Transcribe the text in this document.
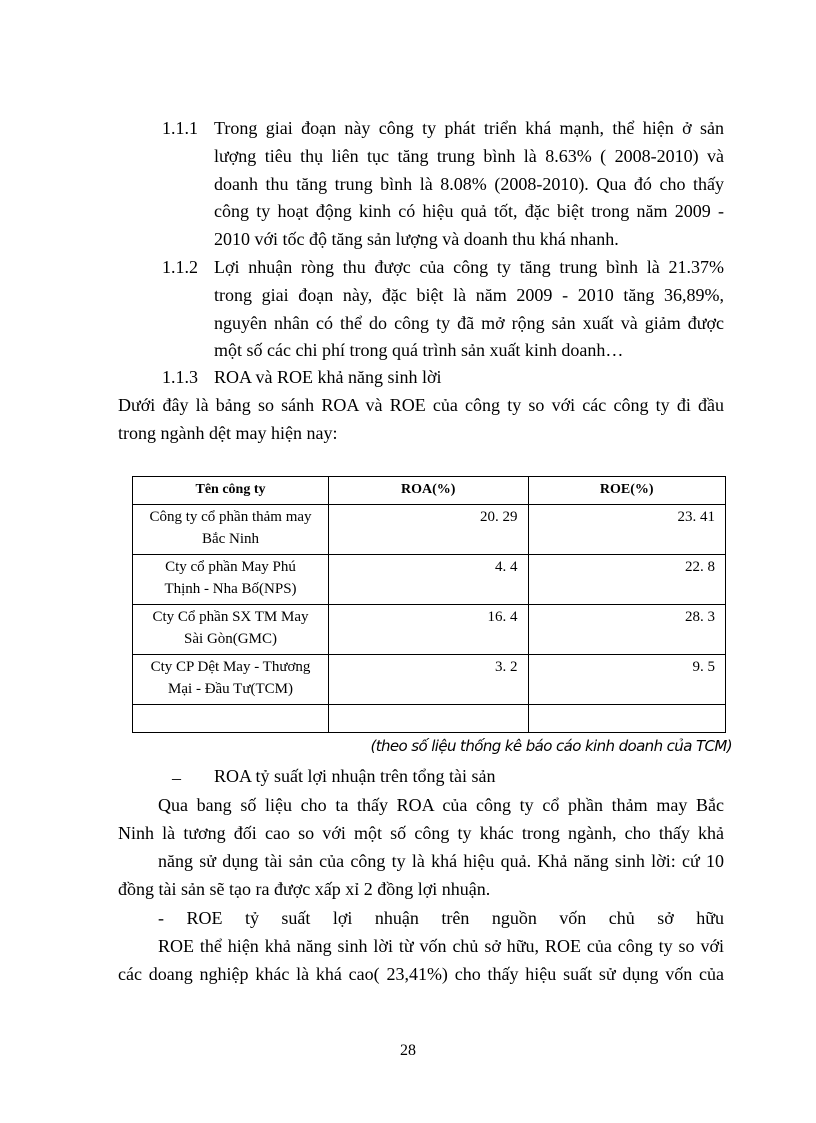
1.1.1 Trong giai đoạn này công ty phát triển khá mạnh, thể hiện ở sản
lượng tiêu thụ liên tục tăng trung bình là 8.63% ( 2008-2010) và
doanh thu tăng trung bình là 8.08% (2008-2010). Qua đó cho thấy
công ty hoạt động kinh có hiệu quả tốt, đặc biệt trong năm 2009 -
2010 với tốc độ tăng sản lượng và doanh thu khá nhanh.
1.1.2 Lợi nhuận ròng thu được của công ty tăng trung bình là 21.37%
trong giai đoạn này, đặc biệt là năm 2009 - 2010 tăng 36,89%,
nguyên nhân có thể do công ty đã mở rộng sản xuất và giảm được
một số các chi phí trong quá trình sản xuất kinh doanh…
1.1.3 ROA và ROE khả năng sinh lời
Dưới đây là bảng so sánh ROA và ROE của công ty so với các công ty đi đầu
trong ngành dệt may hiện nay:
Tên công ty	ROA(%)	ROE(%)

Công ty cổ phần thảm may
Bắc Ninh	20. 29	23. 41

Cty cổ phần May Phú
Thịnh - Nha Bố(NPS)	4. 4	22. 8

Cty Cổ phần SX TM May
Sài Gòn(GMC)	16. 4	28. 3

Cty CP Dệt May - Thương
Mại - Đầu Tư(TCM)	3. 2	9. 5

(theo số liệu thống kê báo cáo kinh doanh của TCM)
– ROA tỷ suất lợi nhuận trên tổng tài sản
Qua bang số liệu cho ta thấy ROA của công ty cổ phần thảm may Bắc
Ninh là tương đối cao so với một số công ty khác trong ngành, cho thấy khả
năng sử dụng tài sản của công ty là khá hiệu quả. Khả năng sinh lời: cứ 10
đồng tài sản sẽ tạo ra được xấp xỉ 2 đồng lợi nhuận.
- ROE tỷ suất lợi nhuận trên nguồn vốn chủ sở hữu
ROE thể hiện khả năng sinh lời từ vốn chủ sở hữu, ROE của công ty so với
các doang nghiệp khác là khá cao( 23,41%) cho thấy hiệu suất sử dụng vốn của
28
